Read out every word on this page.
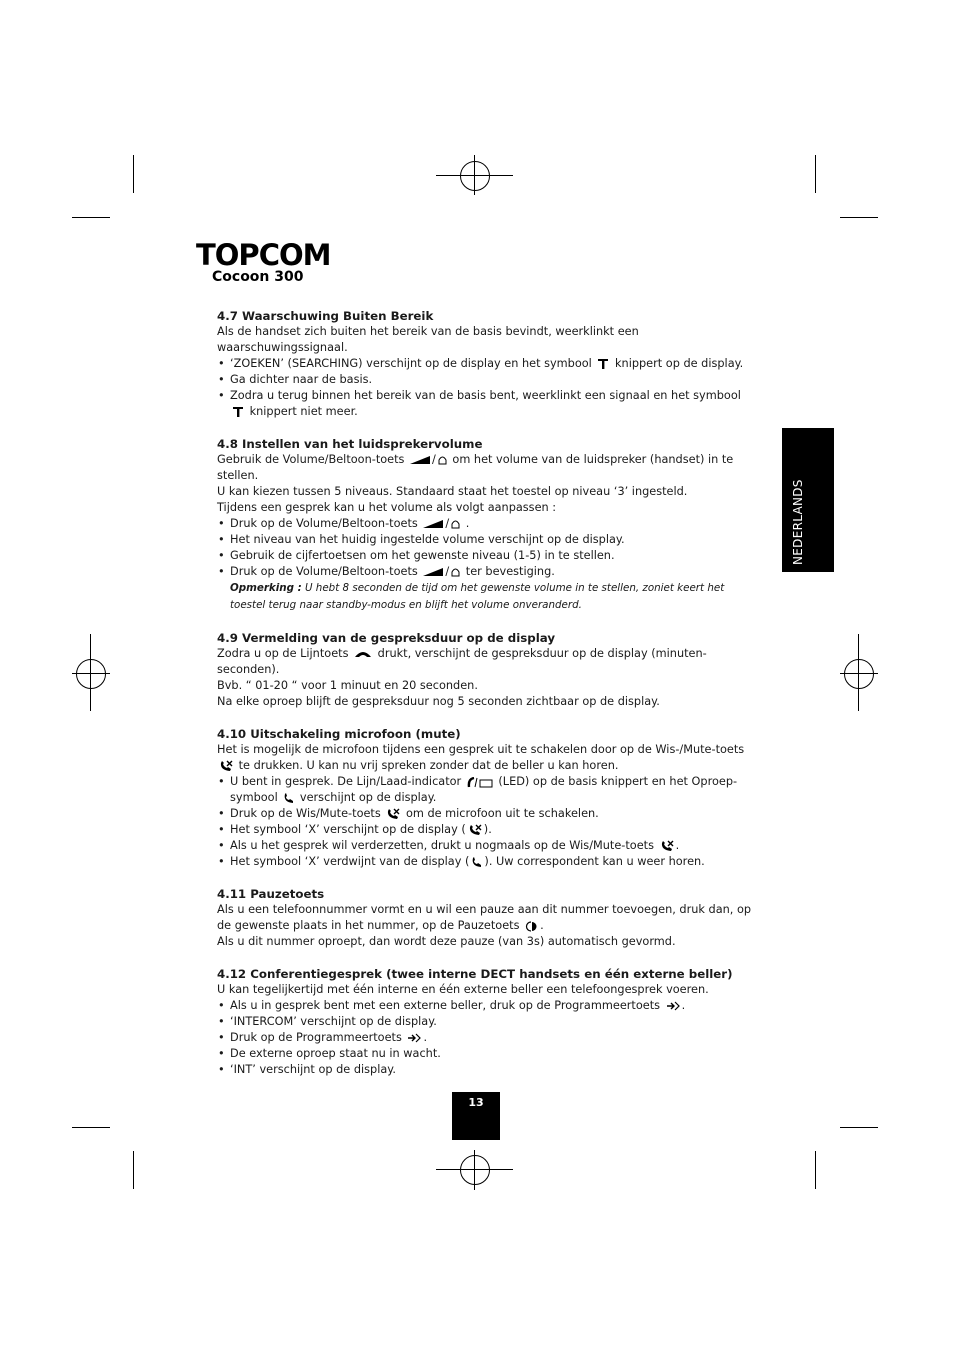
TOPCOM
Cocoon 300

4.7 Waarschuwing Buiten Bereik

Als de handset zich buiten het bereik van de basis bevindt, weerklinkt een waarschuwingssignaal.

• ‘ZOEKEN’ (SEARCHING) verschijnt op de display en het symbool knippert op de display.
• Ga dichter naar de basis.
• Zodra u terug binnen het bereik van de basis bent, weerklinkt een signaal en het symbool  knippert niet meer.

4.8 Instellen van het luidsprekervolume

Gebruik de Volume/Beltoon-toets / om het volume van de luidspreker (handset) in te stellen.

U kan kiezen tussen 5 niveaus. Standaard staat het toestel op niveau ‘3’ ingesteld.

Tijdens een gesprek kan u het volume als volgt aanpassen :

• Druk op de Volume/Beltoon-toets / .
• Het niveau van het huidig ingestelde volume verschijnt op de display.
• Gebruik de cijfertoetsen om het gewenste niveau (1-5) in te stellen.
• Druk op de Volume/Beltoon-toets / ter bevestiging.
Opmerking : U hebt 8 seconden de tijd om het gewenste volume in te stellen, zoniet keert het toestel terug naar standby-modus en blijft het volume onveranderd.

4.9 Vermelding van de gespreksduur op de display

Zodra u op de Lijntoets	drukt, verschijnt de gespreksduur op de display (minuten-seconden).

Bvb. “ 01-20 “ voor 1 minuut en 20 seconden.

Na elke oproep blijft de gespreksduur nog 5 seconden zichtbaar op de display.

4.10 Uitschakeling microfoon (mute)

Het is mogelijk de microfoon tijdens een gesprek uit te schakelen door op de Wis-/Mute-toets  te drukken. U kan nu vrij spreken zonder dat de beller u kan horen.

• U bent in gesprek. De Lijn/Laad-indicator	(LED) op de basis knippert en het Oproep-symbool verschijnt op de display.
• Druk op de Wis/Mute-toets om de microfoon uit te schakelen.
• Het symbool ‘X’ verschijnt op de display ( ).
• Als u het gesprek wil verderzetten, drukt u nogmaals op de Wis/Mute-toets .
• Het symbool ‘X’ verdwijnt van de display ( ). Uw correspondent kan u weer horen.

4.11 Pauzetoets

Als u een telefoonnummer vormt en u wil een pauze aan dit nummer toevoegen, druk dan, op de gewenste plaats in het nummer, op de Pauzetoets .

Als u dit nummer oproept, dan wordt deze pauze (van 3s) automatisch gevormd.

4.12 Conferentiegesprek (twee interne DECT handsets en één externe beller)

U kan tegelijkertijd met één interne en één externe beller een telefoongesprek voeren.

• Als u in gesprek bent met een externe beller, druk op de Programmeertoets .
• ‘INTERCOM’ verschijnt op de display.
• Druk op de Programmeertoets .
• De externe oproep staat nu in wacht.
• ‘INT’ verschijnt op de display.
13
